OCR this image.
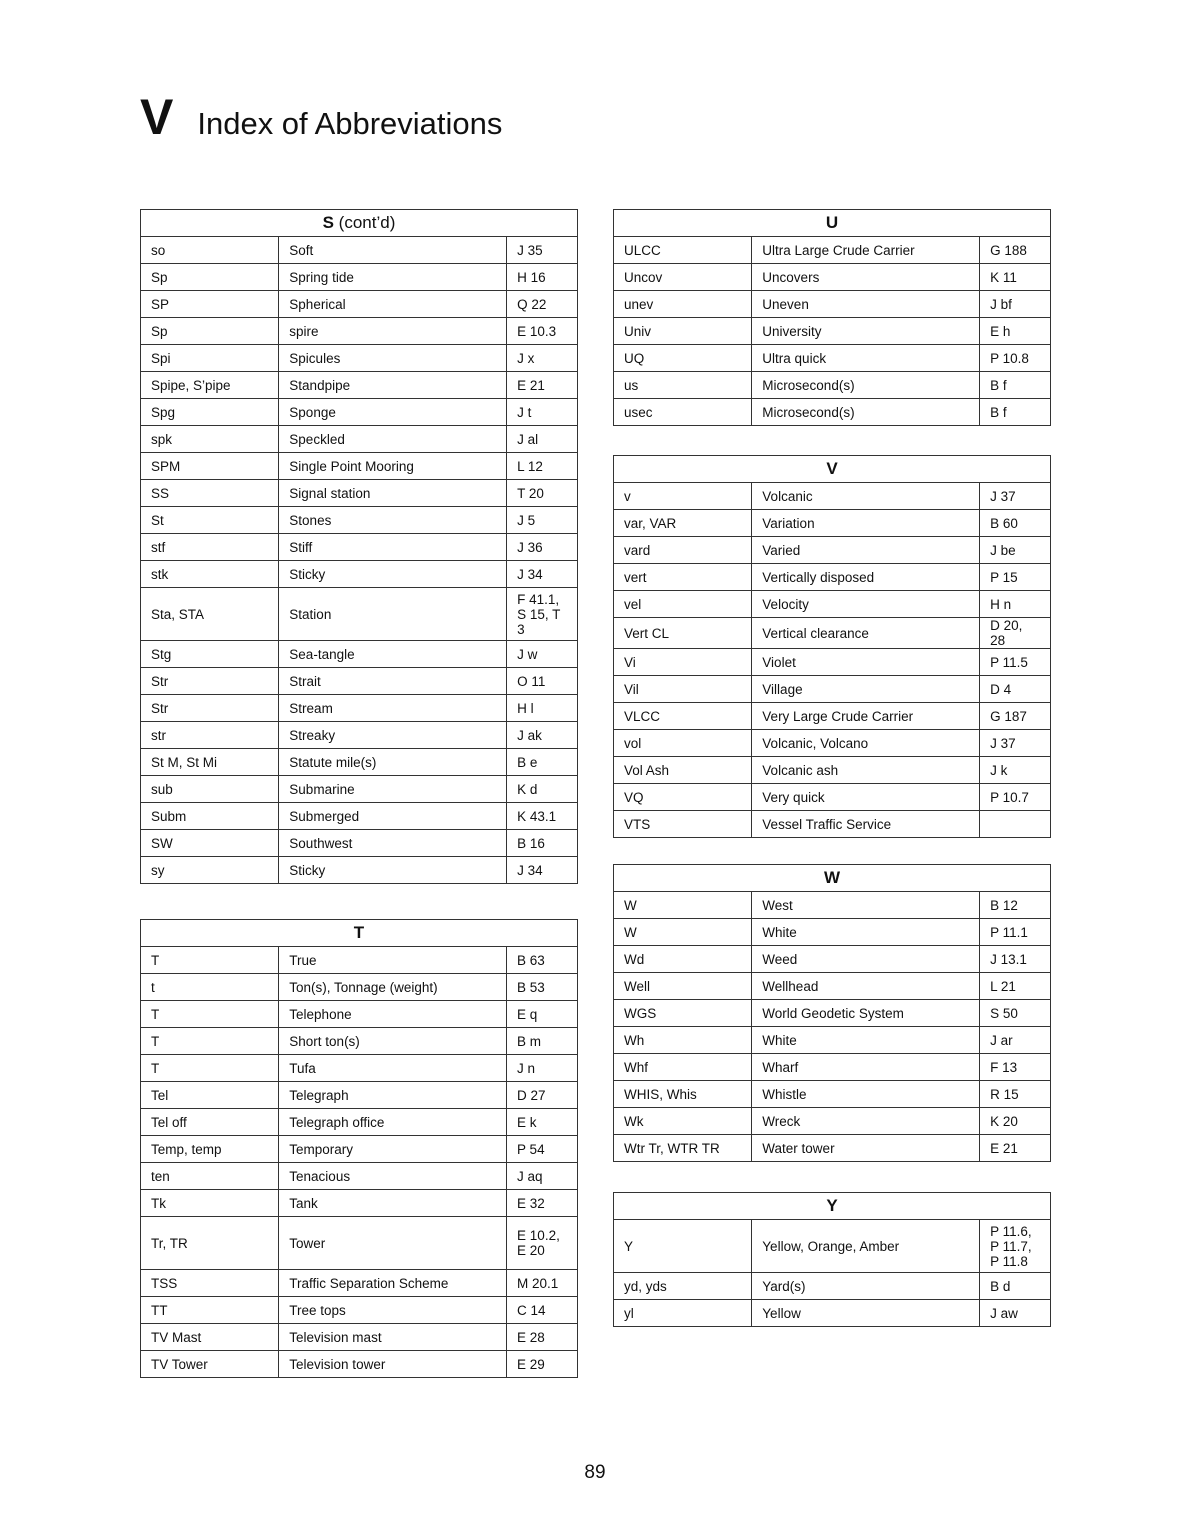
V Index of Abbreviations
S (cont’d)		
so	Soft	J 35
Sp	Spring tide	H 16
SP	Spherical	Q 22
Sp	spire	E 10.3
Spi	Spicules	J x
Spipe, S’pipe	Standpipe	E 21
Spg	Sponge	J t
spk	Speckled	J al
SPM	Single Point Mooring	L 12
SS	Signal station	T 20
St	Stones	J 5
stf	Stiff	J 36
stk	Sticky	J 34
Sta, STA	Station	F 41.1,
S 15, T 3

Stg	Sea-tangle	J w
Str	Strait	O 11
Str	Stream	H l
str	Streaky	J ak
St M, St Mi	Statute mile(s)	B e
sub	Submarine	K d
Subm	Submerged	K 43.1
SW	Southwest	B 16
sy	Sticky	J 34
T		
T	True	B 63
t	Ton(s), Tonnage (weight)	B 53
T	Telephone	E q
T	Short ton(s)	B m
T	Tufa	J n
Tel	Telegraph	D 27
Tel off	Telegraph office	E k
Temp, temp	Temporary	P 54
ten	Tenacious	J aq
Tk	Tank	E 32
Tr, TR	Tower	E 10.2,
E 20

TSS	Traffic Separation Scheme	M 20.1
TT	Tree tops	C 14
TV Mast	Television mast	E 28
TV Tower	Television tower	E 29
U		
ULCC	Ultra Large Crude Carrier	G 188
Uncov	Uncovers	K 11
unev	Uneven	J bf
Univ	University	E h
UQ	Ultra quick	P 10.8
us	Microsecond(s)	B f
usec	Microsecond(s)	B f
V		
v	Volcanic	J 37
var, VAR	Variation	B 60
vard	Varied	J be
vert	Vertically disposed	P 15
vel	Velocity	H n
Vert CL	Vertical clearance	D 20, 28
Vi	Violet	P 11.5
Vil	Village	D 4
VLCC	Very Large Crude Carrier	G 187
vol	Volcanic, Volcano	J 37
Vol Ash	Volcanic ash	J k
VQ	Very quick	P 10.7
VTS	Vessel Traffic Service	
W		
W	West	B 12
W	White	P 11.1
Wd	Weed	J 13.1
Well	Wellhead	L 21
WGS	World Geodetic System	S 50
Wh	White	J ar
Whf	Wharf	F 13
WHIS, Whis	Whistle	R 15
Wk	Wreck	K 20
Wtr Tr, WTR TR	Water tower	E 21
Y		
Y	Yellow, Orange, Amber	P 11.6,
P 11.7,
P 11.8

yd, yds	Yard(s)	B d
yl	Yellow	J aw
89
